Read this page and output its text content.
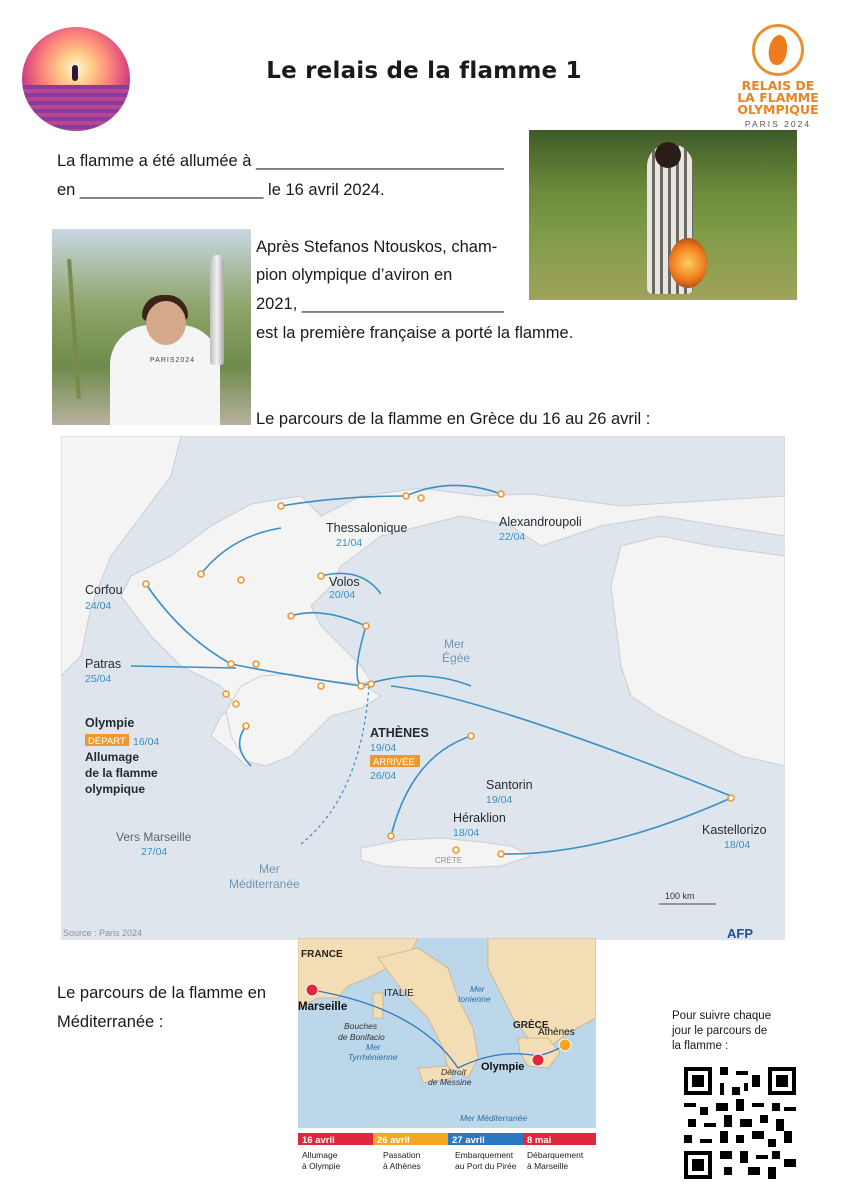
Le relais de la flamme 1
RELAIS DE
LA FLAMME
OLYMPIQUE
PARIS 2024
La flamme a été allumée à ___________________________
en ____________________ le 16 avril 2024.
PARIS2024
Après Stefanos Ntouskos, cham-
pion olympique d’aviron en
2021, ______________________
est la première française a porté la flamme.
Le parcours de la flamme en Grèce du 16 au 26 avril :
Thessalonique
21/04
Alexandroupoli
22/04
Volos
20/04
Corfou
24/04
Patras
25/04
Olympie
DÉPART 16/04
Allumage
de la flamme
olympique
ATHÈNES
19/04
ARRIVÉE
26/04
Santorin
19/04
Héraklion
18/04	Kastellorizo
18/04
Vers Marseille
27/04
Mer
Égée
Mer
Méditerranée
CRÈTE
100 km
Source : Paris 2024	AFP
Le parcours de la flamme en
Méditerranée :
FRANCE
ITALIE
GRÈCE
Marseille
Athènes
Olympie
Bouches
de Bonifacio
Mer
Tyrrhénienne
Mer
Ionienne
Détroit
de Messine
Mer Méditerranée
16 avril	26 avril	27 avril	8 mai
Allumage
à Olympie
Passation
à Athènes
Embarquement
au Port du Pirée
Débarquement
à Marseille
Pour suivre chaque
jour le parcours de
la flamme :
